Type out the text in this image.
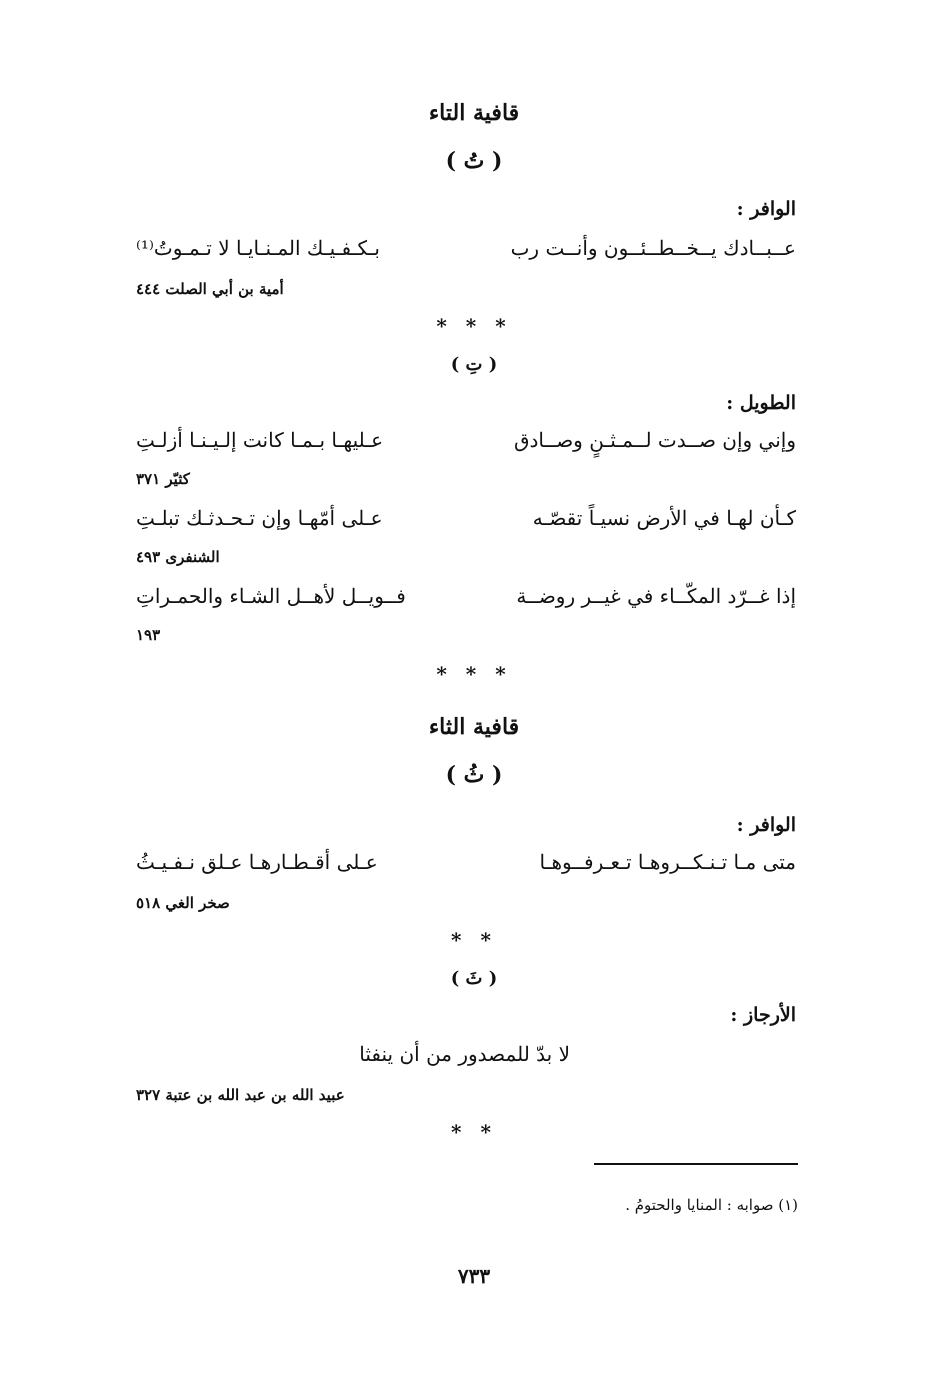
قافية التاء
( تُ )
الوافر :
عــبــادك يــخــطــئــون وأنــت رب
بـكـفـيـك المـنـايـا لا تـمـوتُ⁽¹⁾
أمية بن أبي الصلت ٤٤٤
* * *
( تِ )
الطويل :
وإني وإن صــدت لــمـثـنٍ وصــادق
عـليهـا بـمـا كانت إلـيـنـا أزلـتِ
كثيّر ٣٧١
كـأن لهـا في الأرض نسيـاً تقصّـه
عـلى أمّهـا وإن تـحـدثـك تبلـتِ
الشنفرى ٤٩٣
إذا غــرّد المكّــاء في غيــر روضــة
فــويــل لأهــل الشـاء والحمـراتِ
١٩٣
* * *
قافية الثاء
( ثُ )
الوافر :
متى مـا تـنـكــروهـا تـعـرفــوهـا
عـلى أقـطـارهـا عـلق نـفـيـثُ
صخر الغي ٥١٨
* *
( ثَ )
الأرجاز :
لا بدّ للمصدور من أن ينفثا
عبيد الله بن عبد الله بن عتبة ٣٢٧
* *
(١) صوابه : المنايا والحتومُ .
٧٣٣
